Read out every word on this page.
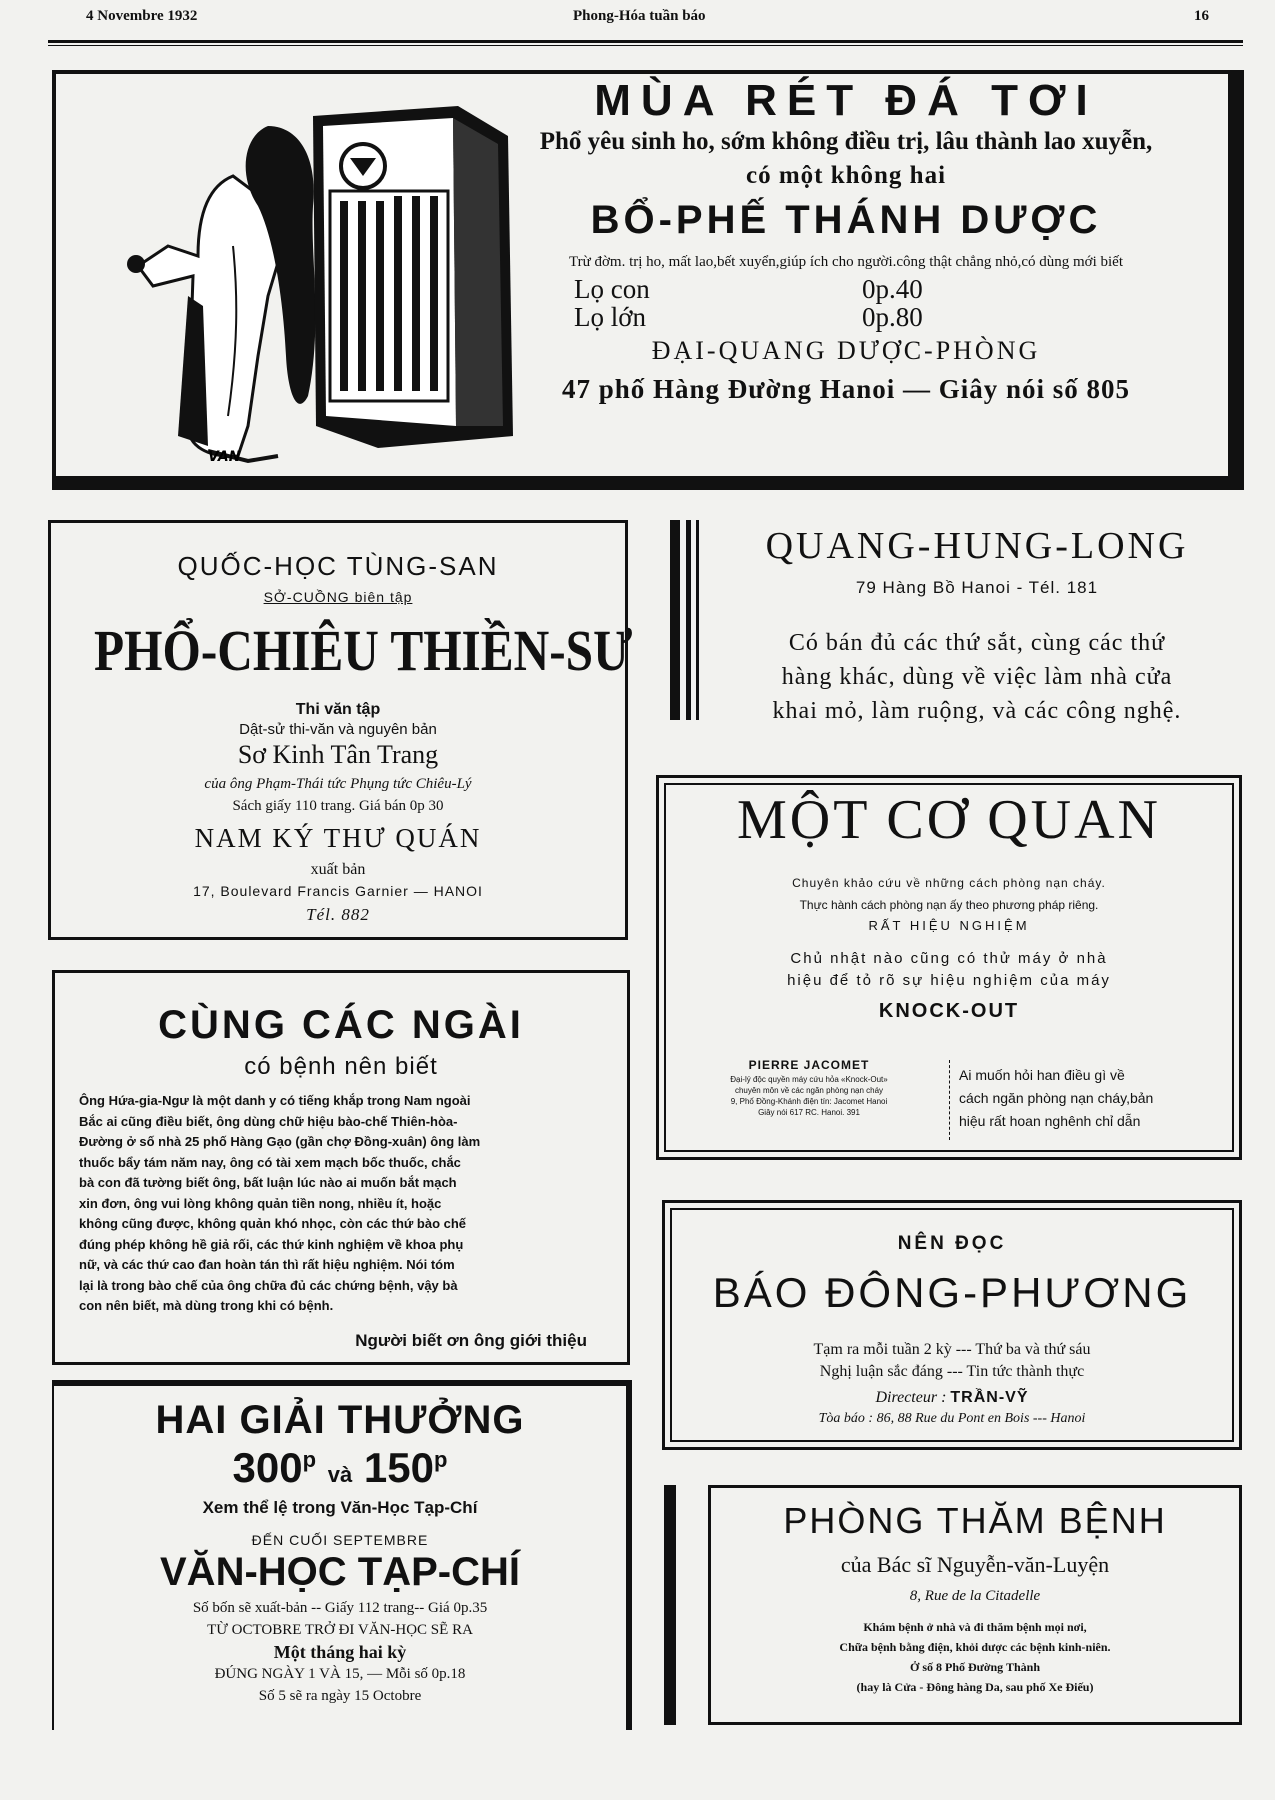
4 Novembre 1932	Phong-Hóa tuần báo	16
VAN
MÙA RÉT ĐÁ TƠI
Phổ yêu sinh ho, sớm không điều trị, lâu thành lao xuyễn,
có một không hai
BỔ-PHẾ THÁNH DƯỢC
Trừ đờm. trị ho, mất lao,bết xuyển,giúp ích cho người.công thật chẳng nhỏ,có dùng mới biết
Lọ con	0p.40
Lọ lớn	0p.80
ĐẠI-QUANG DƯỢC-PHÒNG
47 phố Hàng Đường Hanoi — Giây nói số 805
QUỐC-HỌC TÙNG-SAN
SỞ-CUỒNG biên tập
PHỔ-CHIÊU THIỀN-SƯ
Thi văn tập
Dật-sử thi-văn và nguyên bản
Sơ Kinh Tân Trang
của ông Phạm-Thái tức Phụng tức Chiêu-Lý
Sách giấy 110 trang. Giá bán 0p 30
NAM KÝ THƯ QUÁN
xuất bản
17, Boulevard Francis Garnier — HANOI
Tél. 882
QUANG-HUNG-LONG
79 Hàng Bồ Hanoi - Tél. 181
Có bán đủ các thứ sắt, cùng các thứ
hàng khác, dùng về việc làm nhà cửa
khai mỏ, làm ruộng, và các công nghệ.
MỘT CƠ QUAN
Chuyên khảo cứu về những cách phòng nạn cháy.
Thực hành cách phòng nạn ấy theo phương pháp riêng.
RẤT HIỆU NGHIỆM
Chủ nhật nào cũng có thử máy ở nhà
hiệu để tỏ rõ sự hiệu nghiệm của máy
KNOCK-OUT
PIERRE JACOMET
Đại-lý độc quyền máy cứu hỏa «Knock-Out»
chuyên môn về các ngăn phòng nạn cháy
9, Phố Đồng-Khánh điện tín: Jacomet Hanoi
Giây nói 617 RC. Hanoi. 391
Ai muốn hỏi han điều gì về
cách ngăn phòng nạn cháy,bản
hiệu rất hoan nghênh chỉ dẫn
CÙNG CÁC NGÀI
có bệnh nên biết
Ông Hứa-gia-Ngư là một danh y có tiếng khắp trong Nam ngoài
Bắc ai cũng điều biết, ông dùng chữ hiệu bào-chế Thiên-hòa-
Đường ở số nhà 25 phố Hàng Gạo (gần chợ Đồng-xuân) ông làm
thuốc bẩy tám năm nay, ông có tài xem mạch bốc thuốc, chắc
bà con đã tường biết ông, bất luận lúc nào ai muốn bắt mạch
xin đơn, ông vui lòng không quản tiền nong, nhiều ít, hoặc
không cũng được, không quản khó nhọc, còn các thứ bào chế
đúng phép không hề giả rối, các thứ kinh nghiệm về khoa phụ
nữ, và các thứ cao đan hoàn tán thì rất hiệu nghiệm. Nói tóm
lại là trong bào chế của ông chữa đủ các chứng bệnh, vậy bà
con nên biết, mà dùng trong khi có bệnh.
Người biết ơn ông giới thiệu
NÊN ĐỌC
BÁO ĐÔNG-PHƯƠNG
Tạm ra mỗi tuần 2 kỳ --- Thứ ba và thứ sáu
Nghị luận sắc đáng --- Tin tức thành thực
Directeur : TRẦN-VỸ
Tòa báo : 86, 88 Rue du Pont en Bois --- Hanoi
HAI GIẢI THƯỞNG
300$^p$ và 150$^p$
Xem thể lệ trong Văn-Học Tạp-Chí
ĐẾN CUỐI SEPTEMBRE
VĂN-HỌC TẠP-CHÍ
Số bốn sẽ xuất-bản -- Giấy 112 trang-- Giá 0p.35
TỪ OCTOBRE TRỞ ĐI VĂN-HỌC SẼ RA
Một tháng hai kỳ
ĐÚNG NGÀY 1 VÀ 15, — Mỗi số 0p.18
Số 5 sẽ ra ngày 15 Octobre
PHÒNG THĂM BỆNH
của Bác sĩ Nguyễn-văn-Luyện
8, Rue de la Citadelle
Khám bệnh ở nhà và đi thăm bệnh mọi nơi,
Chữa bệnh bằng điện, khỏi dược các bệnh kinh-niên.
Ở số 8 Phố Đường Thành
(hay là Cửa - Đông hàng Da, sau phố Xe Điếu)
